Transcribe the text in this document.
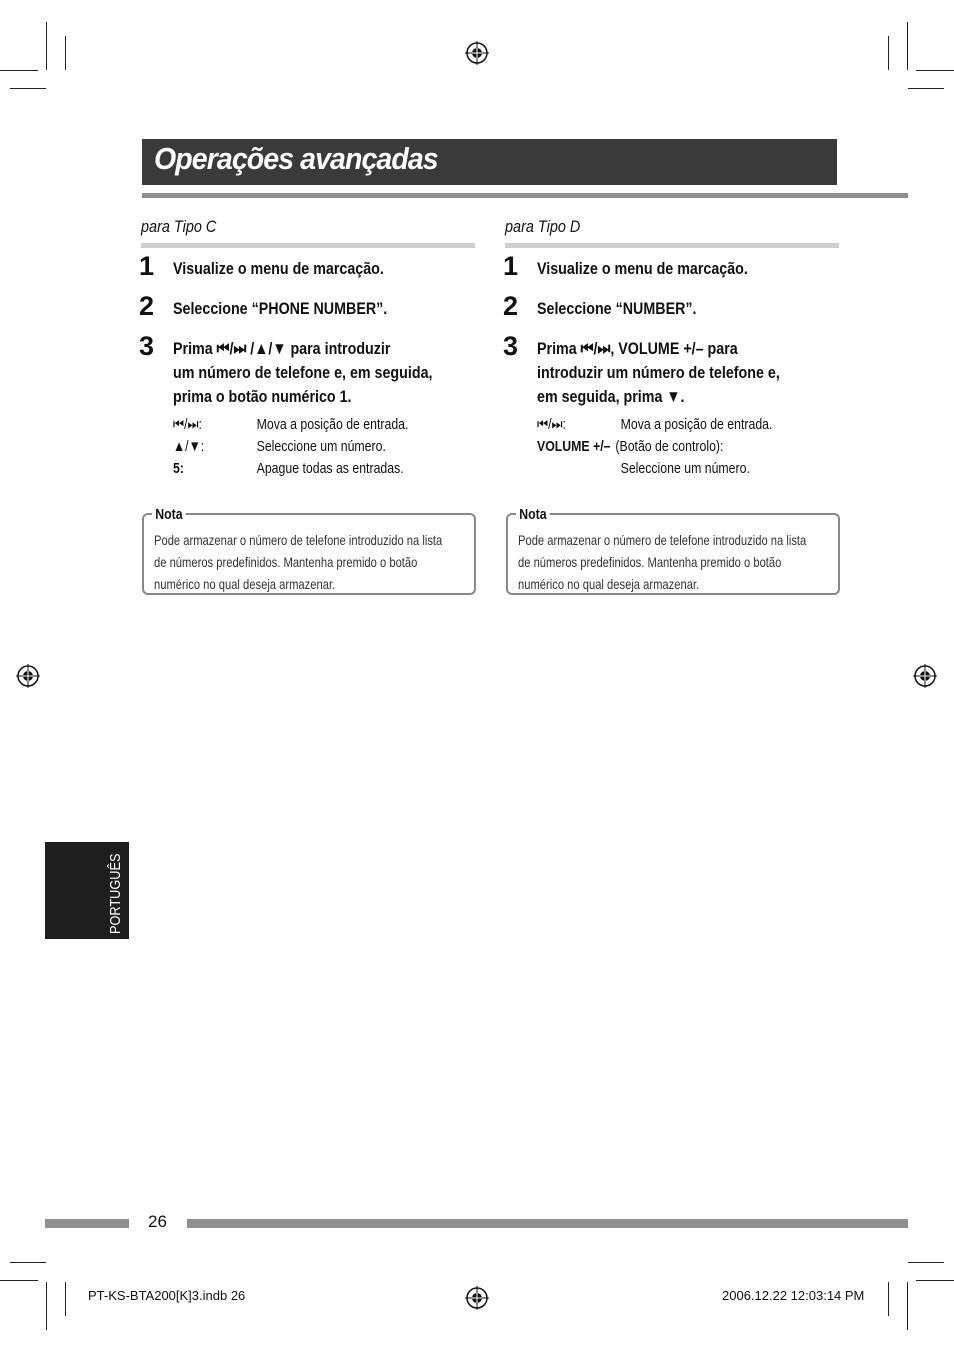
Operações avançadas
para Tipo C
1 Visualize o menu de marcação.
2 Seleccione “PHONE NUMBER”.
3 Prima ⏮/⏭ /▲/▼ para introduzir
um número de telefone e, em seguida,
prima o botão numérico 1.
⏮/⏭:	Mova a posição de entrada.
▲/▼:	Seleccione um número.
5:	Apague todas as entradas.
Nota
Pode armazenar o número de telefone introduzido na lista
de números predefinidos. Mantenha premido o botão
numérico no qual deseja armazenar.
para Tipo D
1 Visualize o menu de marcação.
2 Seleccione “NUMBER”.
3 Prima ⏮/⏭, VOLUME +/– para
introduzir um número de telefone e,
em seguida, prima ▼.
⏮/⏭:	Mova a posição de entrada.
VOLUME +/– (Botão de controlo):
Seleccione um número.
Nota
Pode armazenar o número de telefone introduzido na lista
de números predefinidos. Mantenha premido o botão
numérico no qual deseja armazenar.
PORTUGUÊS
26
PT-KS-BTA200[K]3.indb 26	2006.12.22 12:03:14 PM
